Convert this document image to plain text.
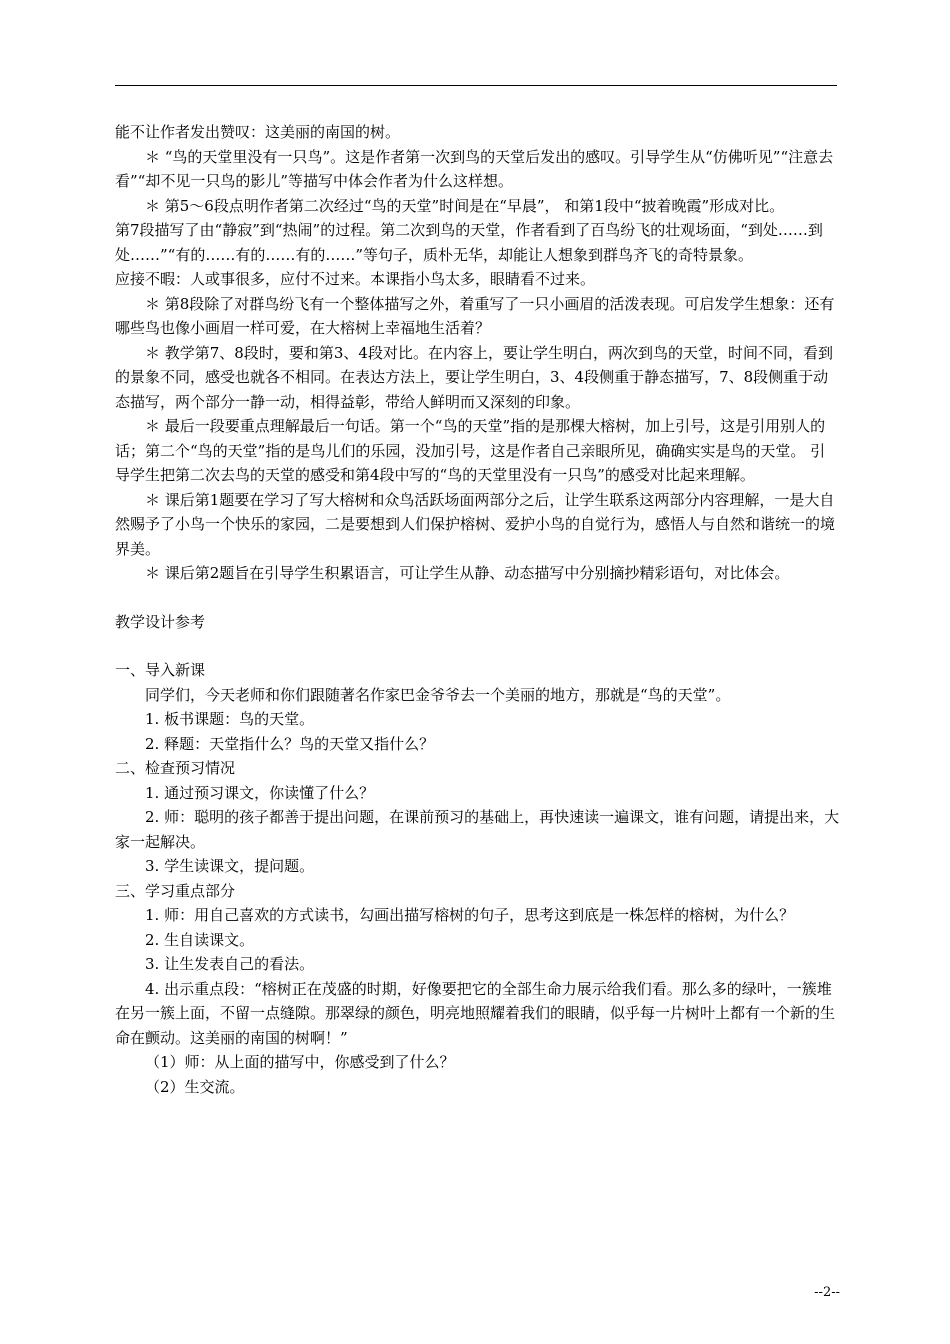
能不让作者发出赞叹：这美丽的南国的树。

＊ “鸟的天堂里没有一只鸟”。这是作者第一次到鸟的天堂后发出的感叹。引导学生从“仿佛听见”“注意去看”“却不见一只鸟的影儿”等描写中体会作者为什么这样想。

＊ 第5～6段点明作者第二次经过“鸟的天堂”时间是在“早晨”， 和第1段中“披着晚霞”形成对比。

第7段描写了由“静寂”到“热闹”的过程。第二次到鸟的天堂，作者看到了百鸟纷飞的壮观场面，“到处……到处……”“有的……有的……有的……”等句子，质朴无华，却能让人想象到群鸟齐飞的奇特景象。

应接不暇：人或事很多，应付不过来。本课指小鸟太多，眼睛看不过来。

＊ 第8段除了对群鸟纷飞有一个整体描写之外，着重写了一只小画眉的活泼表现。可启发学生想象：还有哪些鸟也像小画眉一样可爱，在大榕树上幸福地生活着？

＊ 教学第7、8段时，要和第3、4段对比。在内容上，要让学生明白，两次到鸟的天堂，时间不同，看到的景象不同，感受也就各不相同。在表达方法上，要让学生明白，3、4段侧重于静态描写，7、8段侧重于动态描写，两个部分一静一动，相得益彰，带给人鲜明而又深刻的印象。

＊ 最后一段要重点理解最后一句话。第一个“鸟的天堂”指的是那棵大榕树，加上引号，这是引用别人的话；第二个“鸟的天堂”指的是鸟儿们的乐园，没加引号，这是作者自己亲眼所见，确确实实是鸟的天堂。 引导学生把第二次去鸟的天堂的感受和第4段中写的“鸟的天堂里没有一只鸟”的感受对比起来理解。

＊ 课后第1题要在学习了写大榕树和众鸟活跃场面两部分之后，让学生联系这两部分内容理解，一是大自然赐予了小鸟一个快乐的家园，二是要想到人们保护榕树、爱护小鸟的自觉行为，感悟人与自然和谐统一的境界美。

＊ 课后第2题旨在引导学生积累语言，可让学生从静、动态描写中分别摘抄精彩语句，对比体会。

教学设计参考

一、导入新课

同学们，今天老师和你们跟随著名作家巴金爷爷去一个美丽的地方，那就是“鸟的天堂”。

1. 板书课题：鸟的天堂。

2. 释题：天堂指什么？鸟的天堂又指什么？

二、检查预习情况

1. 通过预习课文，你读懂了什么？

2. 师：聪明的孩子都善于提出问题，在课前预习的基础上，再快速读一遍课文，谁有问题，请提出来，大家一起解决。

3. 学生读课文，提问题。

三、学习重点部分

1. 师：用自己喜欢的方式读书，勾画出描写榕树的句子，思考这到底是一株怎样的榕树，为什么？

2. 生自读课文。

3. 让生发表自己的看法。

4. 出示重点段：“榕树正在茂盛的时期，好像要把它的全部生命力展示给我们看。那么多的绿叶，一簇堆在另一簇上面，不留一点缝隙。那翠绿的颜色，明亮地照耀着我们的眼睛，似乎每一片树叶上都有一个新的生命在颤动。这美丽的南国的树啊！”

（1）师：从上面的描写中，你感受到了什么？

（2）生交流。

--2--
